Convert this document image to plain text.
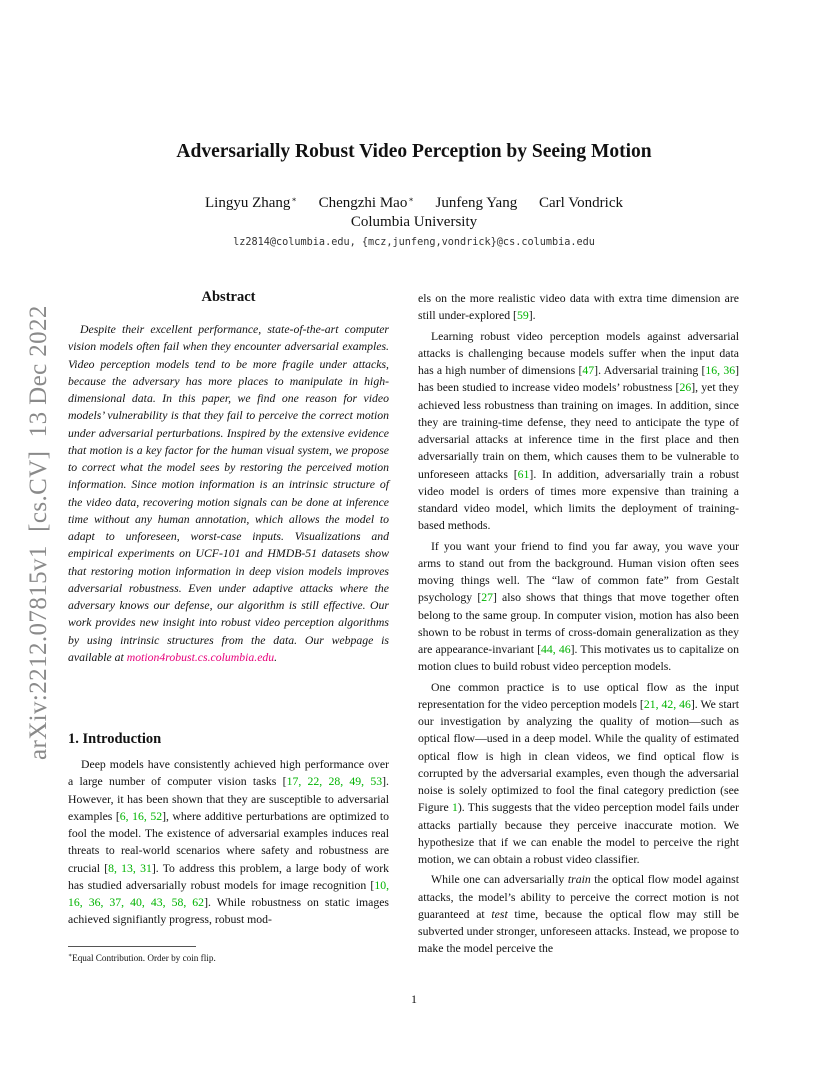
arXiv:2212.07815v1  [cs.CV]  13 Dec 2022
Adversarially Robust Video Perception by Seeing Motion
Lingyu Zhang∗ Chengzhi Mao∗ Junfeng Yang Carl Vondrick
Columbia University
lz2814@columbia.edu, {mcz,junfeng,vondrick}@cs.columbia.edu
Abstract

Despite their excellent performance, state-of-the-art computer vision models often fail when they encounter adversarial examples. Video perception models tend to be more fragile under attacks, because the adversary has more places to manipulate in high-dimensional data. In this paper, we find one reason for video models’ vulnerability is that they fail to perceive the correct motion under adversarial perturbations. Inspired by the extensive evidence that motion is a key factor for the human visual system, we propose to correct what the model sees by restoring the perceived motion information. Since motion information is an intrinsic structure of the video data, recovering motion signals can be done at inference time without any human annotation, which allows the model to adapt to unforeseen, worst-case inputs. Visualizations and empirical experiments on UCF-101 and HMDB-51 datasets show that restoring motion information in deep vision models improves adversarial robustness. Even under adaptive attacks where the adversary knows our defense, our algorithm is still effective. Our work provides new insight into robust video perception algorithms by using intrinsic structures from the data. Our webpage is available at motion4robust.cs.columbia.edu.

1. Introduction

Deep models have consistently achieved high performance over a large number of computer vision tasks [17, 22, 28, 49, 53]. However, it has been shown that they are susceptible to adversarial examples [6, 16, 52], where additive perturbations are optimized to fool the model. The existence of adversarial examples induces real threats to real-world scenarios where safety and robustness are crucial [8, 13, 31]. To address this problem, a large body of work has studied adversarially robust models for image recognition [10, 16, 36, 37, 40, 43, 58, 62]. While robustness on static images achieved signifiantly progress, robust mod-

∗Equal Contribution. Order by coin flip.

els on the more realistic video data with extra time dimension are still under-explored [59].

Learning robust video perception models against adversarial attacks is challenging because models suffer when the input data has a high number of dimensions [47]. Adversarial training [16, 36] has been studied to increase video models’ robustness [26], yet they achieved less robustness than training on images. In addition, since they are training-time defense, they need to anticipate the type of adversarial attacks at inference time in the first place and then adversarially train on them, which causes them to be vulnerable to unforeseen attacks [61]. In addition, adversarially train a robust video model is orders of times more expensive than training a standard video model, which limits the deployment of training-based methods.

If you want your friend to find you far away, you wave your arms to stand out from the background. Human vision often sees moving things well. The “law of common fate” from Gestalt psychology [27] also shows that things that move together often belong to the same group. In computer vision, motion has also been shown to be robust in terms of cross-domain generalization as they are appearance-invariant [44, 46]. This motivates us to capitalize on motion clues to build robust video perception models.

One common practice is to use optical flow as the input representation for the video perception models [21, 42, 46]. We start our investigation by analyzing the quality of motion—such as optical flow—used in a deep model. While the quality of estimated optical flow is high in clean videos, we find optical flow is corrupted by the adversarial examples, even though the adversarial noise is solely optimized to fool the final category prediction (see Figure 1). This suggests that the video perception model fails under attacks partially because they perceive inaccurate motion. We hypothesize that if we can enable the model to perceive the right motion, we can obtain a robust video classifier.

While one can adversarially train the optical flow model against attacks, the model’s ability to perceive the correct motion is not guaranteed at test time, because the optical flow may still be subverted under stronger, unforeseen attacks. Instead, we propose to make the model perceive the

1
